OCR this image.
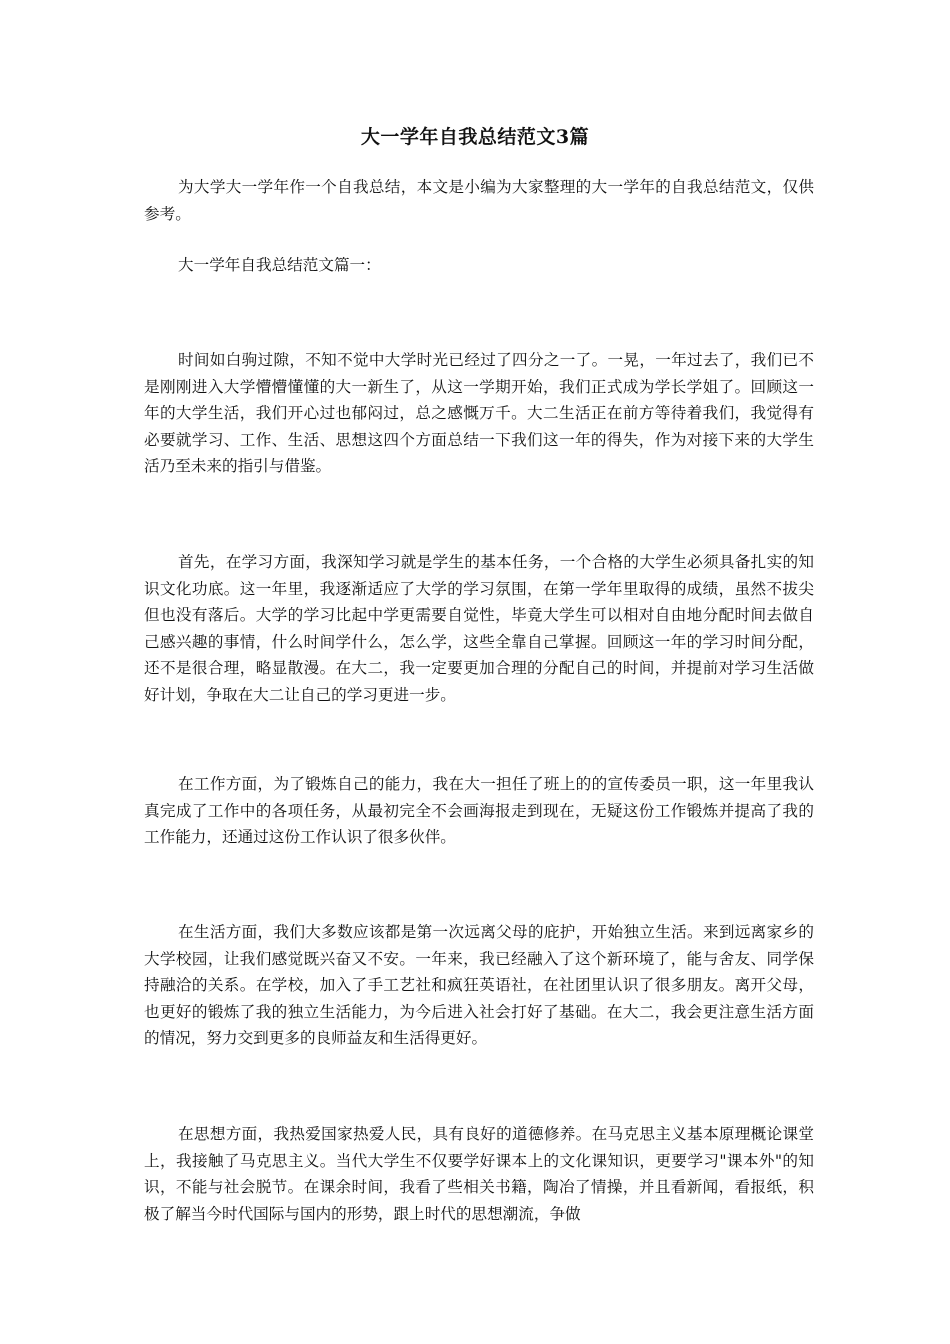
大一学年自我总结范文3篇

为大学大一学年作一个自我总结，本文是小编为大家整理的大一学年的自我总结范文，仅供参考。

大一学年自我总结范文篇一：

时间如白驹过隙，不知不觉中大学时光已经过了四分之一了。一晃，一年过去了，我们已不是刚刚进入大学懵懵懂懂的大一新生了，从这一学期开始，我们正式成为学长学姐了。回顾这一年的大学生活，我们开心过也郁闷过，总之感慨万千。大二生活正在前方等待着我们，我觉得有必要就学习、工作、生活、思想这四个方面总结一下我们这一年的得失，作为对接下来的大学生活乃至未来的指引与借鉴。

首先，在学习方面，我深知学习就是学生的基本任务，一个合格的大学生必须具备扎实的知识文化功底。这一年里，我逐渐适应了大学的学习氛围，在第一学年里取得的成绩，虽然不拔尖但也没有落后。大学的学习比起中学更需要自觉性，毕竟大学生可以相对自由地分配时间去做自己感兴趣的事情，什么时间学什么，怎么学，这些全靠自己掌握。回顾这一年的学习时间分配，还不是很合理，略显散漫。在大二，我一定要更加合理的分配自己的时间，并提前对学习生活做好计划，争取在大二让自己的学习更进一步。

在工作方面，为了锻炼自己的能力，我在大一担任了班上的的宣传委员一职，这一年里我认真完成了工作中的各项任务，从最初完全不会画海报走到现在，无疑这份工作锻炼并提高了我的工作能力，还通过这份工作认识了很多伙伴。

在生活方面，我们大多数应该都是第一次远离父母的庇护，开始独立生活。来到远离家乡的大学校园，让我们感觉既兴奋又不安。一年来，我已经融入了这个新环境了，能与舍友、同学保持融洽的关系。在学校，加入了手工艺社和疯狂英语社，在社团里认识了很多朋友。离开父母，也更好的锻炼了我的独立生活能力，为今后进入社会打好了基础。在大二，我会更注意生活方面的情况，努力交到更多的良师益友和生活得更好。

在思想方面，我热爱国家热爱人民，具有良好的道德修养。在马克思主义基本原理概论课堂上，我接触了马克思主义。当代大学生不仅要学好课本上的文化课知识，更要学习"课本外"的知识，不能与社会脱节。在课余时间，我看了些相关书籍，陶冶了情操，并且看新闻，看报纸，积极了解当今时代国际与国内的形势，跟上时代的思想潮流，争做
